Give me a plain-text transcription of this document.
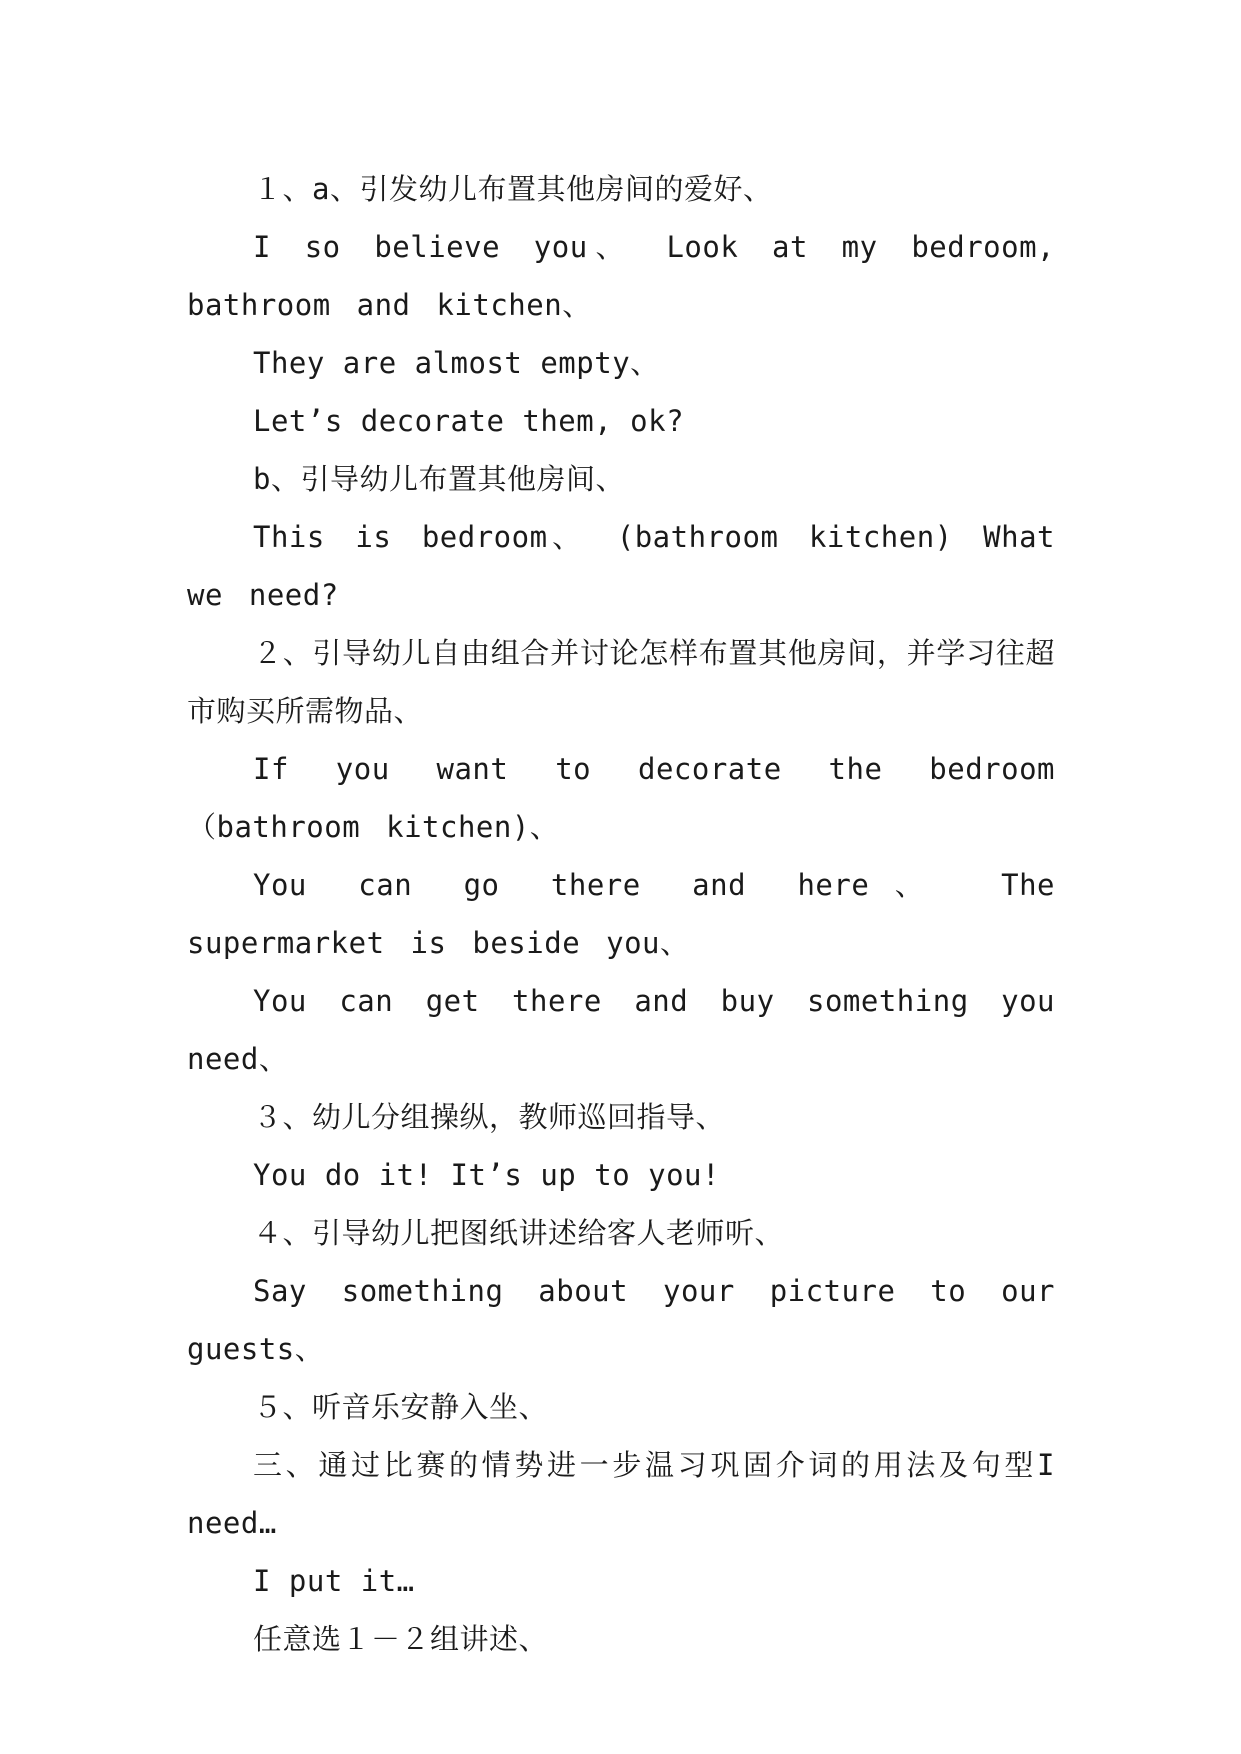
１、a、引发幼儿布置其他房间的爱好、

I so believe you、 Look at my bedroom, bathroom and kitchen、

They are almost empty、

Let’s decorate them, ok?

b、引导幼儿布置其他房间、

This is bedroom、 (bathroom kitchen) What we need?

２、引导幼儿自由组合并讨论怎样布置其他房间，并学习往超市购买所需物品、

If you want to decorate the bedroom （bathroom kitchen)、

You can go there and here、 The supermarket is beside you、

You can get there and buy something you need、

３、幼儿分组操纵，教师巡回指导、

You do it! It’s up to you!

４、引导幼儿把图纸讲述给客人老师听、

Say something about your picture to our guests、

５、听音乐安静入坐、

三、通过比赛的情势进一步温习巩固介词的用法及句型I need…

I put it…

任意选１－２组讲述、
